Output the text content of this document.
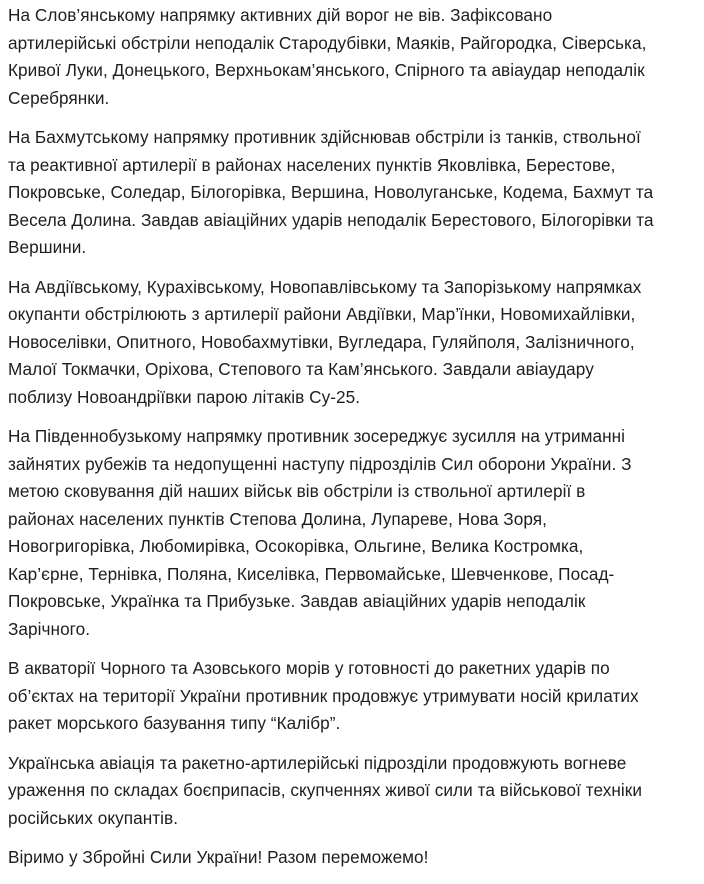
На Слов’янському напрямку активних дій ворог не вів. Зафіксовано
артилерійські обстріли неподалік Стародубівки, Маяків, Райгородка, Сіверська,
Кривої Луки, Донецького, Верхньокам’янського, Спірного та авіаудар неподалік
Серебрянки.
На Бахмутському напрямку противник здійснював обстріли із танків, ствольної
та реактивної артилерії в районах населених пунктів Яковлівка, Берестове,
Покровське, Соледар, Білогорівка, Вершина, Новолуганське, Кодема, Бахмут та
Весела Долина. Завдав авіаційних ударів неподалік Берестового, Білогорівки та
Вершини.
На Авдіївському, Курахівському, Новопавлівському та Запорізькому напрямках
окупанти обстрілюють з артилерії райони Авдіївки, Мар’їнки, Новомихайлівки,
Новоселівки, Опитного, Новобахмутівки, Вугледара, Гуляйполя, Залізничного,
Малої Токмачки, Оріхова, Степового та Кам’янського. Завдали авіаудару
поблизу Новоандріївки парою літаків Су-25.
На Південнобузькому напрямку противник зосереджує зусилля на утриманні
зайнятих рубежів та недопущенні наступу підрозділів Сил оборони України. З
метою сковування дій наших військ вів обстріли із ствольної артилерії в
районах населених пунктів Степова Долина, Лупареве, Нова Зоря,
Новогригорівка, Любомирівка, Осокорівка, Ольгине, Велика Костромка,
Кар’єрне, Тернівка, Поляна, Киселівка, Первомайське, Шевченкове, Посад-
Покровське, Українка та Прибузьке. Завдав авіаційних ударів неподалік
Зарічного.
В акваторії Чорного та Азовського морів у готовності до ракетних ударів по
об’єктах на території України противник продовжує утримувати носій крилатих
ракет морського базування типу “Калібр”.
Українська авіація та ракетно-артилерійські підрозділи продовжують вогневе
ураження по складах боєприпасів, скупченнях живої сили та військової техніки
російських окупантів.
Віримо у Збройні Сили України! Разом переможемо!
